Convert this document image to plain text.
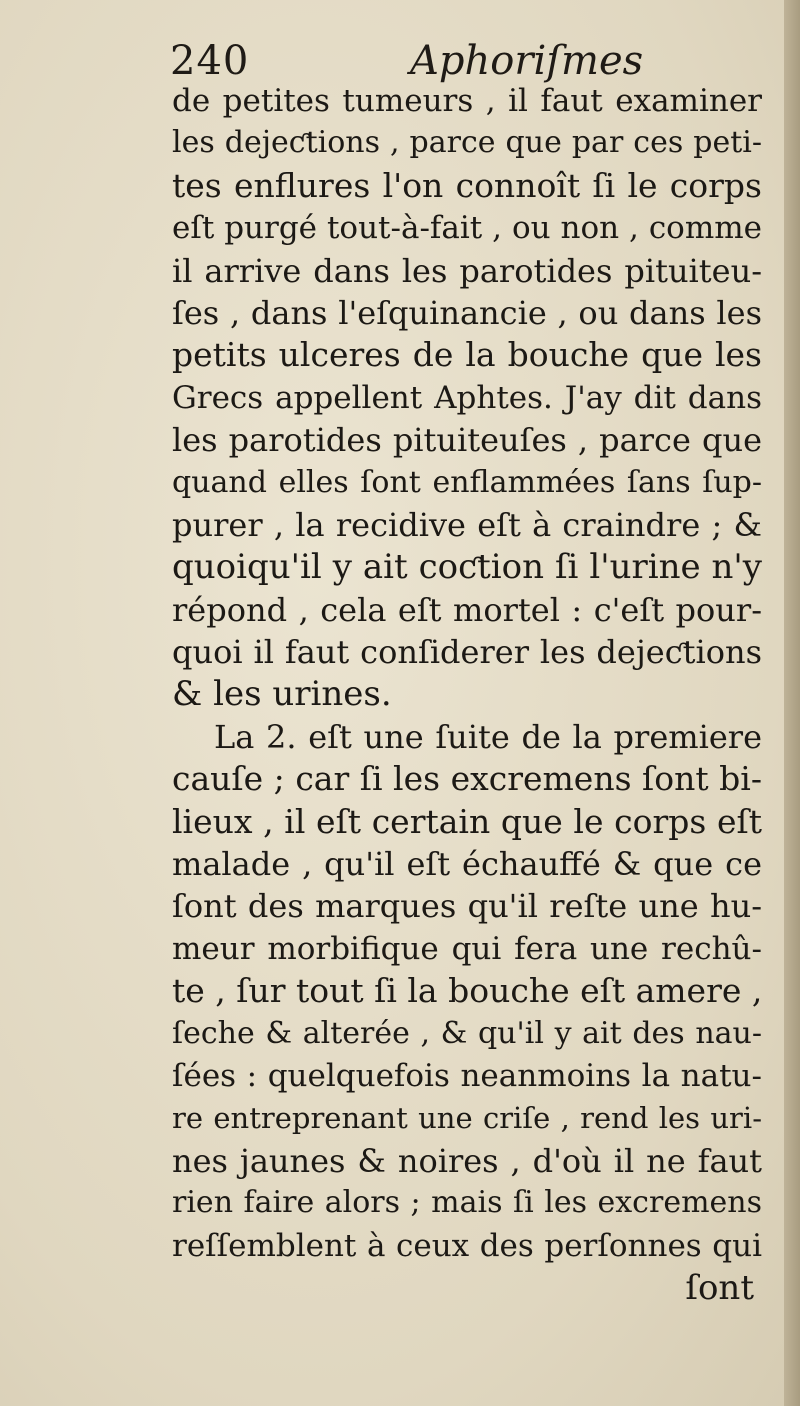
240	Aphoriſmes
de petites tumeurs , il faut examiner
les dejeƈtions , parce que par ces peti-
tes enflures l'on connoît ſi le corps
eſt purgé tout-à-fait , ou non , comme
il arrive dans les parotides pituiteu-
ſes , dans l'eſquinancie , ou dans les
petits ulceres de la bouche que les
Grecs appellent Aphtes. J'ay dit dans
les parotides pituiteuſes , parce que
quand elles ſont enflammées ſans ſup-
purer , la recidive eſt à craindre ; &
quoiqu'il y ait coƈtion ſi l'urine n'y
répond , cela eſt mortel : c'eſt pour-
quoi il faut conſiderer les dejeƈtions
& les urines.
La 2. eſt une ſuite de la premiere
cauſe ; car ſi les excremens ſont bi-
lieux , il eſt certain que le corps eſt
malade , qu'il eſt échauffé & que ce
ſont des marques qu'il reſte une hu-
meur morbifique qui fera une rechû-
te , ſur tout ſi la bouche eſt amere ,
ſeche & alterée , & qu'il y ait des nau-
ſées : quelquefois neanmoins la natu-
re entreprenant une criſe , rend les uri-
nes jaunes & noires , d'où il ne faut
rien faire alors ; mais ſi les excremens
reſſemblent à ceux des perſonnes qui
ſont
